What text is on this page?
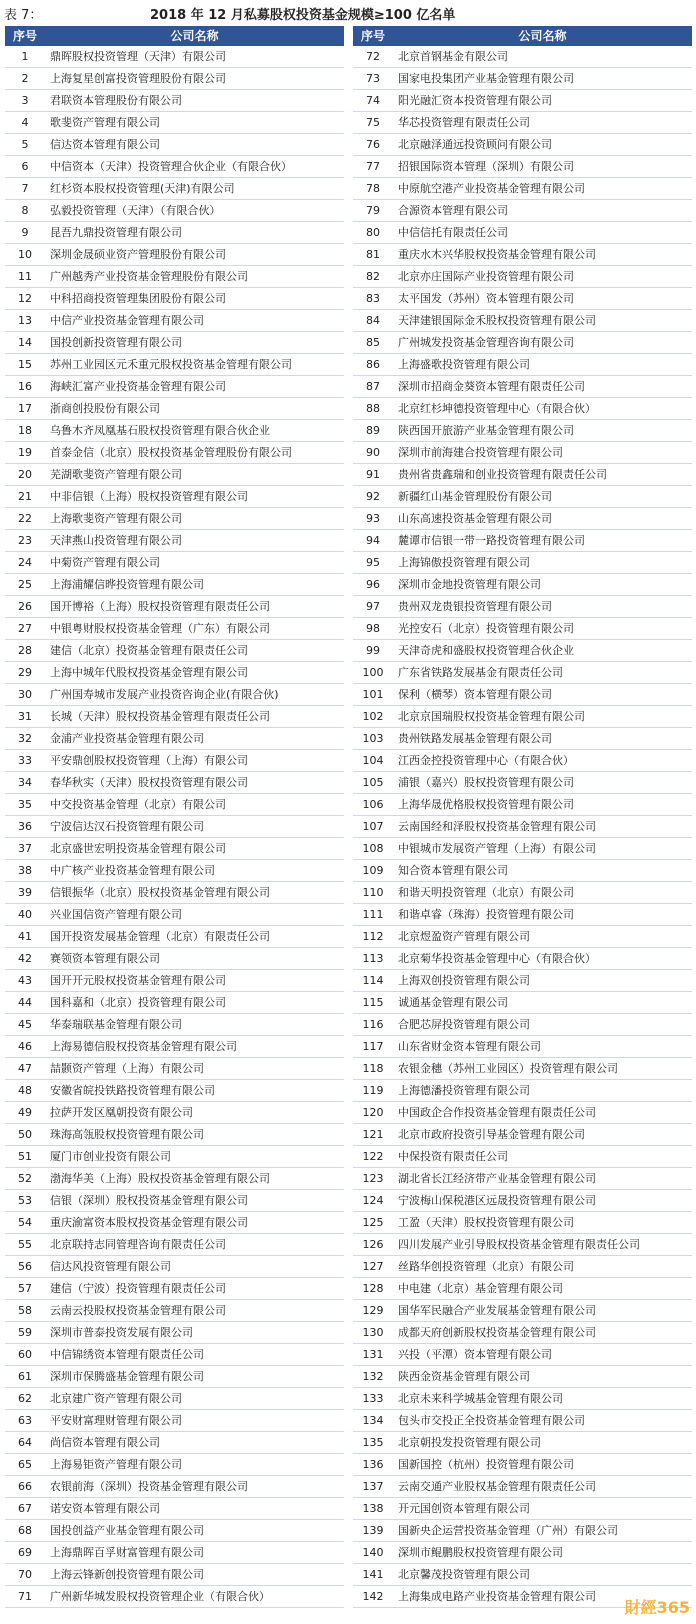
表 7：	2018 年 12 月私募股权投资基金规模≥100 亿名单
序号	公司名称
1	鼎晖股权投资管理（天津）有限公司
2	上海复星创富投资管理股份有限公司
3	君联资本管理股份有限公司
4	歌斐资产管理有限公司
5	信达资本管理有限公司
6	中信资本（天津）投资管理合伙企业（有限合伙）
7	红杉资本股权投资管理(天津)有限公司
8	弘毅投资管理（天津）（有限合伙）
9	昆吾九鼎投资管理有限公司
10	深圳金晟硕业资产管理股份有限公司
11	广州越秀产业投资基金管理股份有限公司
12	中科招商投资管理集团股份有限公司
13	中信产业投资基金管理有限公司
14	国投创新投资管理有限公司
15	苏州工业园区元禾重元股权投资基金管理有限公司
16	海峡汇富产业投资基金管理有限公司
17	浙商创投股份有限公司
18	乌鲁木齐凤凰基石股权投资管理有限合伙企业
19	首泰金信（北京）股权投资基金管理股份有限公司
20	芜湖歌斐资产管理有限公司
21	中非信银（上海）股权投资管理有限公司
22	上海歌斐资产管理有限公司
23	天津燕山投资管理有限公司
24	中菊资产管理有限公司
25	上海浦耀信晔投资管理有限公司
26	国开博裕（上海）股权投资管理有限责任公司
27	中银粤财股权投资基金管理（广东）有限公司
28	建信（北京）投资基金管理有限责任公司
29	上海中城年代股权投资基金管理有限公司
30	广州国寿城市发展产业投资咨询企业(有限合伙)
31	长城（天津）股权投资基金管理有限责任公司
32	金浦产业投资基金管理有限公司
33	平安鼎创股权投资管理（上海）有限公司
34	春华秋实（天津）股权投资管理有限公司
35	中交投资基金管理（北京）有限公司
36	宁波信达汉石投资管理有限公司
37	北京盛世宏明投资基金管理有限公司
38	中广核产业投资基金管理有限公司
39	信银振华（北京）股权投资基金管理有限公司
40	兴业国信资产管理有限公司
41	国开投资发展基金管理（北京）有限责任公司
42	赛领资本管理有限公司
43	国开开元股权投资基金管理有限公司
44	国科嘉和（北京）投资管理有限公司
45	华泰瑞联基金管理有限公司
46	上海易德信股权投资基金管理有限公司
47	喆颢资产管理（上海）有限公司
48	安徽省皖投铁路投资管理有限公司
49	拉萨开发区凰朝投资有限公司
50	珠海高瓴股权投资管理有限公司
51	厦门市创业投资有限公司
52	渤海华美（上海）股权投资基金管理有限公司
53	信银（深圳）股权投资基金管理有限公司
54	重庆渝富资本股权投资基金管理有限公司
55	北京联持志同管理咨询有限责任公司
56	信达风投资管理有限公司
57	建信（宁波）投资管理有限责任公司
58	云南云投股权投资基金管理有限公司
59	深圳市普泰投资发展有限公司
60	中信锦绣资本管理有限责任公司
61	深圳市保腾盛基金管理有限公司
62	北京建广资产管理有限公司
63	平安财富理财管理有限公司
64	尚信资本管理有限公司
65	上海易钜资产管理有限公司
66	农银前海（深圳）投资基金管理有限公司
67	诺安资本管理有限公司
68	国投创益产业基金管理有限公司
69	上海鼎晖百孚财富管理有限公司
70	上海云锋新创投资管理有限公司
71	广州新华城发股权投资管理企业（有限合伙）
序号	公司名称
72	北京首钢基金有限公司
73	国家电投集团产业基金管理有限公司
74	阳光融汇资本投资管理有限公司
75	华芯投资管理有限责任公司
76	北京融泽通远投资顾问有限公司
77	招银国际资本管理（深圳）有限公司
78	中原航空港产业投资基金管理有限公司
79	合源资本管理有限公司
80	中信信托有限责任公司
81	重庆水木兴华股权投资基金管理有限公司
82	北京亦庄国际产业投资管理有限公司
83	太平国发（苏州）资本管理有限公司
84	天津建银国际金禾股权投资管理有限公司
85	广州城发投资基金管理咨询有限公司
86	上海盛歌投资管理有限公司
87	深圳市招商金葵资本管理有限责任公司
88	北京红杉坤德投资管理中心（有限合伙）
89	陕西国开旅游产业基金管理有限公司
90	深圳市前海建合投资管理有限公司
91	贵州省贵鑫瑞和创业投资管理有限责任公司
92	新疆红山基金管理股份有限公司
93	山东高速投资基金管理有限公司
94	麓谭市信银一带一路投资管理有限公司
95	上海锦傲投资管理有限公司
96	深圳市金地投资管理有限公司
97	贵州双龙贵银投资管理有限公司
98	光控安石（北京）投资管理有限公司
99	天津奇虎和盛股权投资管理合伙企业
100	广东省铁路发展基金有限责任公司
101	保利（横琴）资本管理有限公司
102	北京京国瑞股权投资基金管理有限公司
103	贵州铁路发展基金管理有限公司
104	江西金控投资管理中心（有限合伙）
105	浦银（嘉兴）股权投资管理有限公司
106	上海华晟优格股权投资管理有限公司
107	云南国经和泽股权投资基金管理有限公司
108	中银城市发展资产管理（上海）有限公司
109	知合资本管理有限公司
110	和谐天明投资管理（北京）有限公司
111	和谐卓睿（珠海）投资管理有限公司
112	北京煜盈资产管理有限公司
113	北京菊华投资基金管理中心（有限合伙）
114	上海双创投资管理有限公司
115	诚通基金管理有限公司
116	合肥芯屏投资管理有限公司
117	山东省财金资本管理有限公司
118	农银金穗（苏州工业园区）投资管理有限公司
119	上海德潘投资管理有限公司
120	中国政企合作投资基金管理有限责任公司
121	北京市政府投资引导基金管理有限公司
122	中保投资有限责任公司
123	湖北省长江经济带产业基金管理有限公司
124	宁波梅山保税港区远晟投资管理有限公司
125	工盈（天津）股权投资管理有限公司
126	四川发展产业引导股权投资基金管理有限责任公司
127	丝路华创投资管理（北京）有限公司
128	中电建（北京）基金管理有限公司
129	国华军民融合产业发展基金管理有限公司
130	成都天府创新股权投资基金管理有限公司
131	兴投（平潭）资本管理有限公司
132	陕西金资基金管理有限公司
133	北京未来科学城基金管理有限公司
134	包头市交投正全投资基金管理有限公司
135	北京朝投发投资管理有限公司
136	国新国控（杭州）投资管理有限公司
137	云南交通产业股权基金管理有限责任公司
138	开元国创资本管理有限公司
139	国新央企运营投资基金管理（广州）有限公司
140	深圳市鲲鹏股权投资管理有限公司
141	北京馨茂投资管理有限公司
142	上海集成电路产业投资基金管理有限公司
財經365
